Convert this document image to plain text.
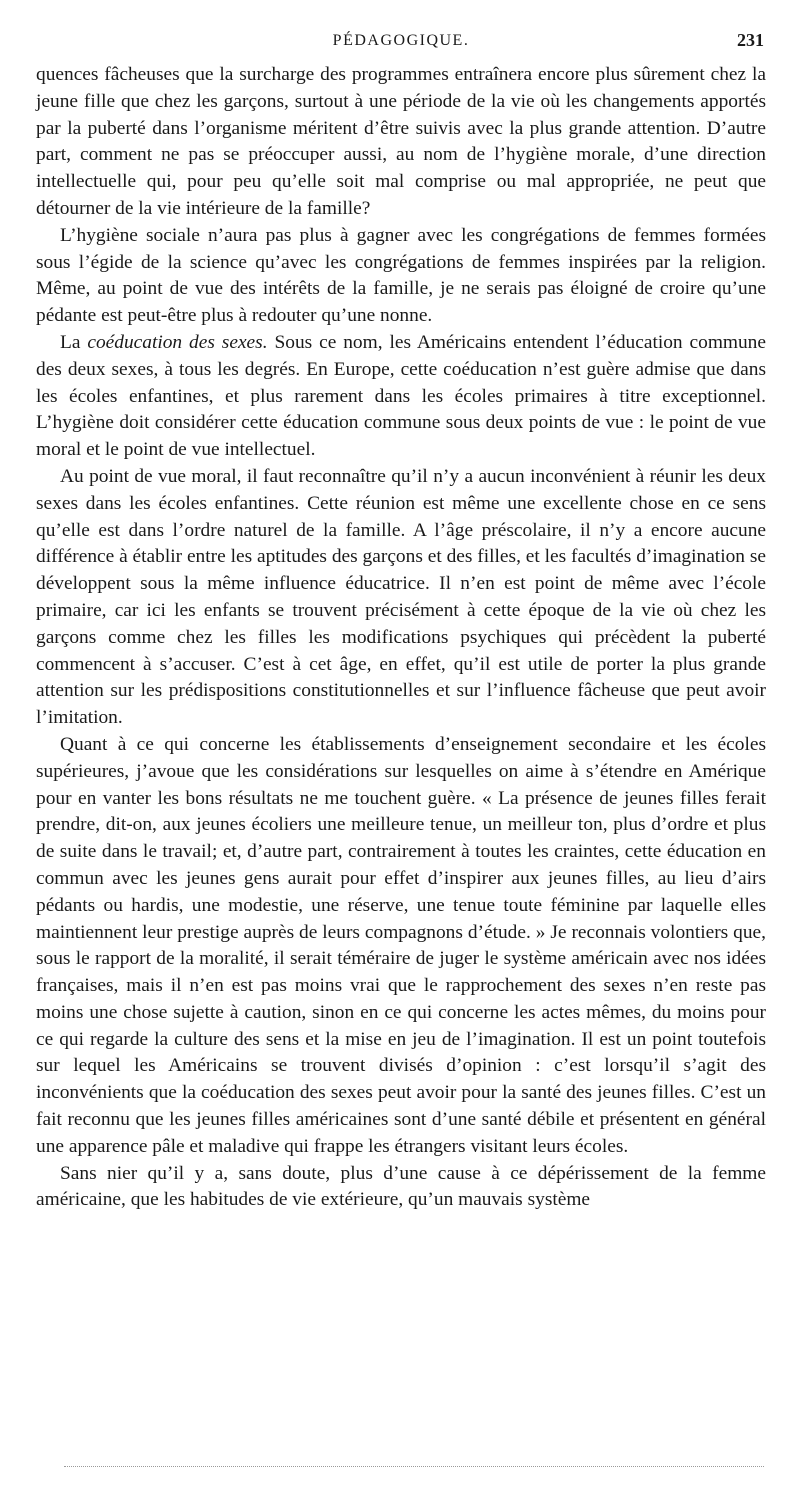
PÉDAGOGIQUE.	231

quences fâcheuses que la surcharge des programmes entraînera encore plus sûrement chez la jeune fille que chez les garçons, surtout à une période de la vie où les changements apportés par la puberté dans l’organisme méritent d’être suivis avec la plus grande attention. D’autre part, comment ne pas se préoccuper aussi, au nom de l’hygiène morale, d’une direction intellectuelle qui, pour peu qu’elle soit mal comprise ou mal appropriée, ne peut que détourner de la vie intérieure de la famille?

L’hygiène sociale n’aura pas plus à gagner avec les congrégations de femmes formées sous l’égide de la science qu’avec les congrégations de femmes inspirées par la religion. Même, au point de vue des intérêts de la famille, je ne serais pas éloigné de croire qu’une pédante est peut-être plus à redouter qu’une nonne.

La coéducation des sexes. Sous ce nom, les Américains entendent l’éducation commune des deux sexes, à tous les degrés. En Europe, cette coéducation n’est guère admise que dans les écoles enfantines, et plus rarement dans les écoles primaires à titre exceptionnel. L’hygiène doit considérer cette éducation commune sous deux points de vue : le point de vue moral et le point de vue intellectuel.

Au point de vue moral, il faut reconnaître qu’il n’y a aucun inconvénient à réunir les deux sexes dans les écoles enfantines. Cette réunion est même une excellente chose en ce sens qu’elle est dans l’ordre naturel de la famille. A l’âge préscolaire, il n’y a encore aucune différence à établir entre les aptitudes des garçons et des filles, et les facultés d’imagination se développent sous la même influence éducatrice. Il n’en est point de même avec l’école primaire, car ici les enfants se trouvent précisément à cette époque de la vie où chez les garçons comme chez les filles les modifications psychiques qui précèdent la puberté commencent à s’accuser. C’est à cet âge, en effet, qu’il est utile de porter la plus grande attention sur les prédispositions constitutionnelles et sur l’influence fâcheuse que peut avoir l’imitation.

Quant à ce qui concerne les établissements d’enseignement secondaire et les écoles supérieures, j’avoue que les considérations sur lesquelles on aime à s’étendre en Amérique pour en vanter les bons résultats ne me touchent guère. « La présence de jeunes filles ferait prendre, dit-on, aux jeunes écoliers une meilleure tenue, un meilleur ton, plus d’ordre et plus de suite dans le travail; et, d’autre part, contrairement à toutes les craintes, cette éducation en commun avec les jeunes gens aurait pour effet d’inspirer aux jeunes filles, au lieu d’airs pédants ou hardis, une modestie, une réserve, une tenue toute féminine par laquelle elles maintiennent leur prestige auprès de leurs compagnons d’étude. » Je reconnais volontiers que, sous le rapport de la moralité, il serait téméraire de juger le système américain avec nos idées françaises, mais il n’en est pas moins vrai que le rapprochement des sexes n’en reste pas moins une chose sujette à caution, sinon en ce qui concerne les actes mêmes, du moins pour ce qui regarde la culture des sens et la mise en jeu de l’imagination. Il est un point toutefois sur lequel les Américains se trouvent divisés d’opinion : c’est lorsqu’il s’agit des inconvénients que la coéducation des sexes peut avoir pour la santé des jeunes filles. C’est un fait reconnu que les jeunes filles américaines sont d’une santé débile et présentent en général une apparence pâle et maladive qui frappe les étrangers visitant leurs écoles.

Sans nier qu’il y a, sans doute, plus d’une cause à ce dépérissement de la femme américaine, que les habitudes de vie extérieure, qu’un mauvais système
